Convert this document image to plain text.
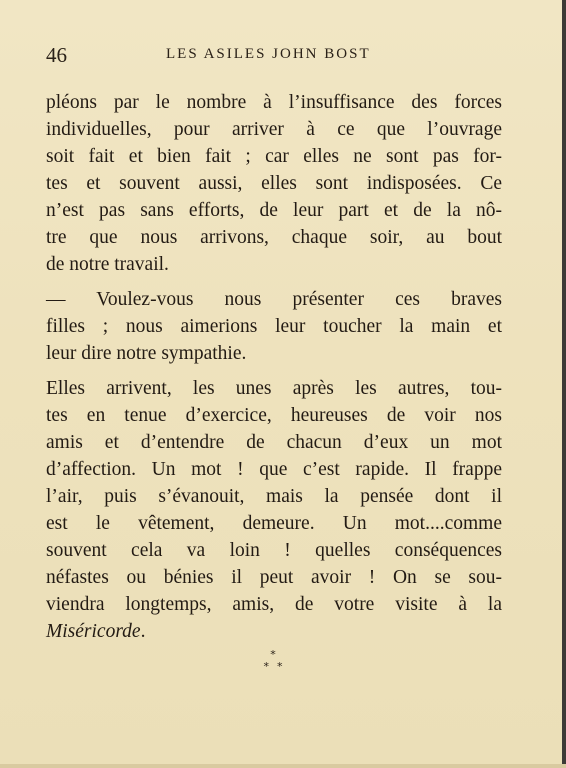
46	LES ASILES JOHN BOST
pléons par le nombre à l’insuffisance des forces
individuelles, pour arriver à ce que l’ouvrage
soit fait et bien fait ; car elles ne sont pas for-
tes et souvent aussi, elles sont indisposées. Ce
n’est pas sans efforts, de leur part et de la nô-
tre que nous arrivons, chaque soir, au bout
de notre travail.
— Voulez-vous nous présenter ces braves
filles ; nous aimerions leur toucher la main et
leur dire notre sympathie.
Elles arrivent, les unes après les autres, tou-
tes en tenue d’exercice, heureuses de voir nos
amis et d’entendre de chacun d’eux un mot
d’affection. Un mot ! que c’est rapide. Il frappe
l’air, puis s’évanouit, mais la pensée dont il
est le vêtement, demeure. Un mot....comme
souvent cela va loin ! quelles conséquences
néfastes ou bénies il peut avoir ! On se sou-
viendra longtemps, amis, de votre visite à la
Miséricorde.
*
**
